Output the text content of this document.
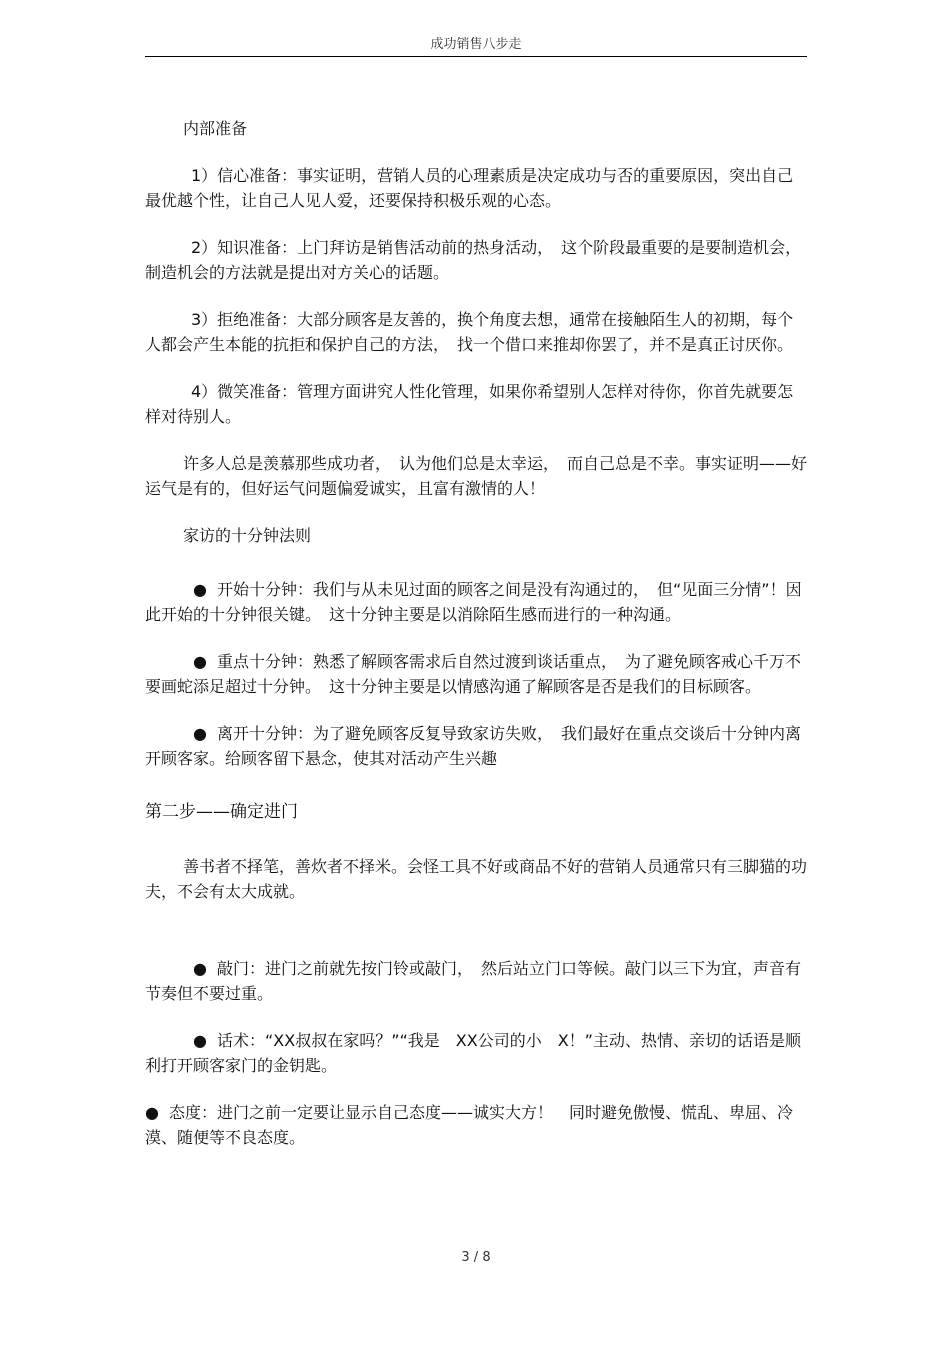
成功销售八步走

内部准备

1）信心准备：事实证明，营销人员的心理素质是决定成功与否的重要原因，突出自己最优越个性，让自己人见人爱，还要保持积极乐观的心态。

2）知识准备：上门拜访是销售活动前的热身活动，　这个阶段最重要的是要制造机会，制造机会的方法就是提出对方关心的话题。

3）拒绝准备：大部分顾客是友善的，换个角度去想，通常在接触陌生人的初期，每个人都会产生本能的抗拒和保护自己的方法，　找一个借口来推却你罢了，并不是真正讨厌你。

4）微笑准备：管理方面讲究人性化管理，如果你希望别人怎样对待你，你首先就要怎样对待别人。

许多人总是羡慕那些成功者，　认为他们总是太幸运，　而自己总是不幸。事实证明——好运气是有的，但好运气问题偏爱诚实，且富有激情的人！

家访的十分钟法则

● 开始十分钟：我们与从未见过面的顾客之间是没有沟通过的，　但“见面三分情”！因此开始的十分钟很关键。　这十分钟主要是以消除陌生感而进行的一种沟通。

● 重点十分钟：熟悉了解顾客需求后自然过渡到谈话重点，　为了避免顾客戒心千万不要画蛇添足超过十分钟。　这十分钟主要是以情感沟通了解顾客是否是我们的目标顾客。

● 离开十分钟：为了避免顾客反复导致家访失败，　我们最好在重点交谈后十分钟内离开顾客家。给顾客留下悬念，使其对活动产生兴趣

第二步——确定进门

善书者不择笔，善炊者不择米。会怪工具不好或商品不好的营销人员通常只有三脚猫的功夫，不会有太大成就。

● 敲门：进门之前就先按门铃或敲门，　然后站立门口等候。敲门以三下为宜，声音有节奏但不要过重。

● 话术：“XX叔叔在家吗？”“我是　XX公司的小　X！”主动、热情、亲切的话语是顺利打开顾客家门的金钥匙。

● 态度：进门之前一定要让显示自己态度——诚实大方！　同时避免傲慢、慌乱、卑屈、冷漠、随便等不良态度。

3 / 8
